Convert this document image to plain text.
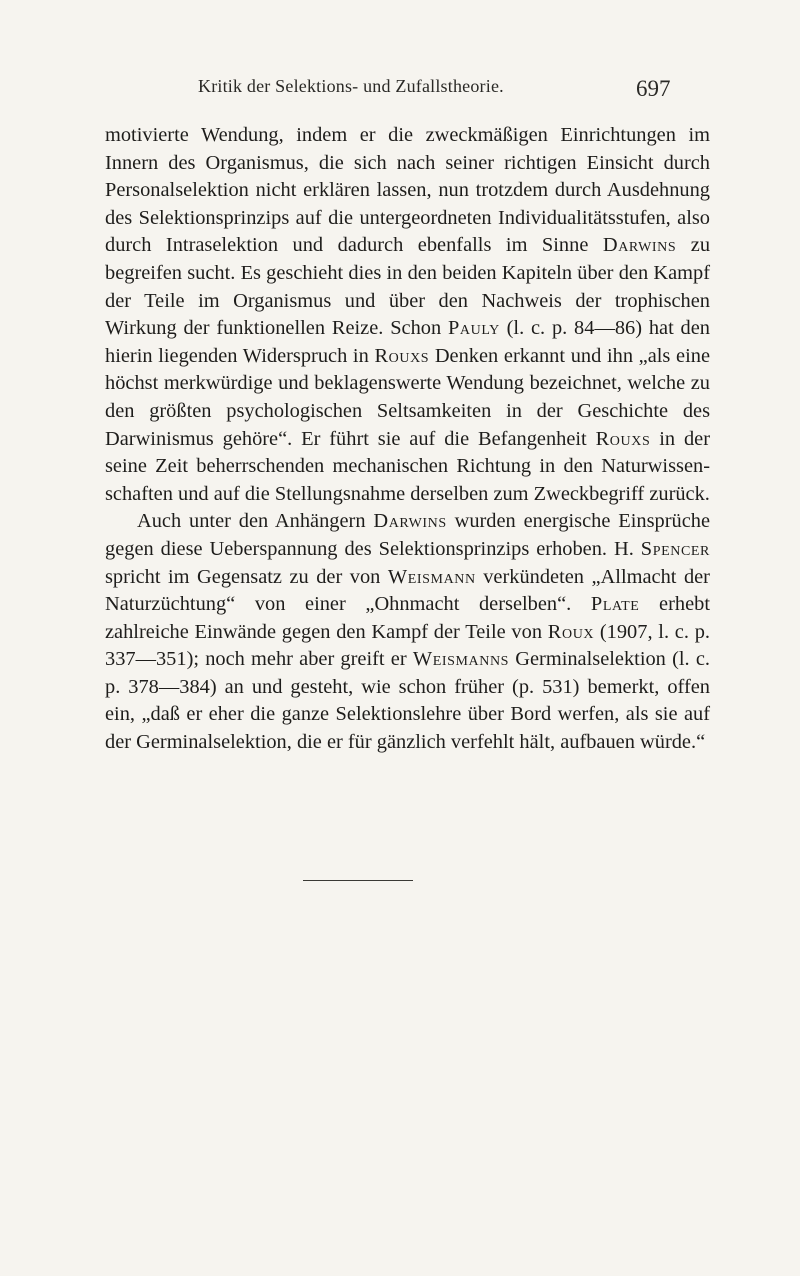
Kritik der Selektions- und Zufallstheorie.	697

motivierte Wendung, indem er die zweckmäßigen Einrichtungen im Innern des Organismus, die sich nach seiner richtigen Einsicht durch Personalselektion nicht erklären lassen, nun trotzdem durch Ausdehnung des Selektionsprinzips auf die untergeordneten Individualitätsstufen, also durch Intraselektion und dadurch ebenfalls im Sinne Darwins zu begreifen sucht. Es geschieht dies in den beiden Kapiteln über den Kampf der Teile im Organismus und über den Nachweis der trophischen Wirkung der funktionellen Reize. Schon Pauly (l. c. p. 84—86) hat den hierin liegenden Widerspruch in Rouxs Denken erkannt und ihn „als eine höchst merkwürdige und beklagenswerte Wendung bezeichnet, welche zu den größten psychologischen Seltsamkeiten in der Geschichte des Darwinismus gehöre“. Er führt sie auf die Befangenheit Rouxs in der seine Zeit beherrschenden mechanischen Richtung in den Naturwissenschaften und auf die Stellungsnahme derselben zum Zweckbegriff zurück.

Auch unter den Anhängern Darwins wurden energische Einsprüche gegen diese Ueberspannung des Selektionsprinzips erhoben. H. Spencer spricht im Gegensatz zu der von Weismann verkündeten „Allmacht der Naturzüchtung“ von einer „Ohnmacht derselben“. Plate erhebt zahlreiche Einwände gegen den Kampf der Teile von Roux (1907, l. c. p. 337—351); noch mehr aber greift er Weismanns Germinalselektion (l. c. p. 378—384) an und gesteht, wie schon früher (p. 531) bemerkt, offen ein, „daß er eher die ganze Selektionslehre über Bord werfen, als sie auf der Germinalselektion, die er für gänzlich verfehlt hält, aufbauen würde.“
